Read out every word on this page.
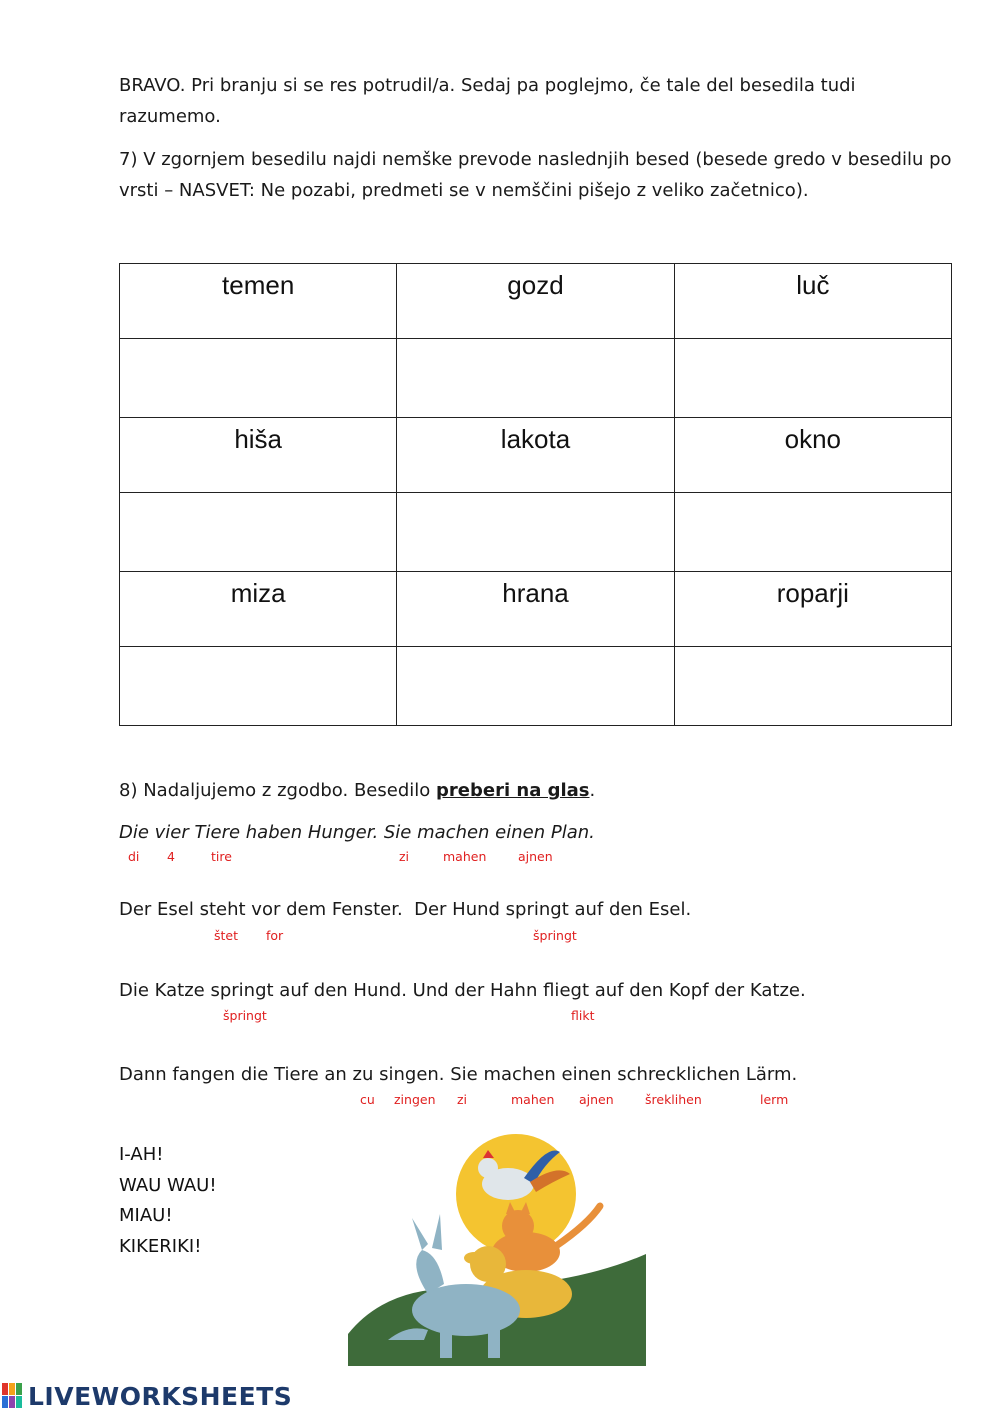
BRAVO. Pri branju si se res potrudil/a. Sedaj pa poglejmo, če tale del besedila tudi razumemo.
7) V zgornjem besedilu najdi nemške prevode naslednjih besed (besede gredo v besedilu po vrsti – NASVET: Ne pozabi, predmeti se v nemščini pišejo z veliko začetnico).
temen	gozd	luč

hiša	lakota	okno

miza	hrana	roparji

8) Nadaljujemo z zgodbo. Besedilo preberi na glas.
Die vier Tiere haben Hunger. Sie machen einen Plan.
di 4	tire	zi	mahen	ajnen
Der Esel steht vor dem Fenster.  Der Hund springt auf den Esel.
štet for	špringt
Die Katze springt auf den Hund. Und der Hahn fliegt auf den Kopf der Katze.
špringt	flikt
Dann fangen die Tiere an zu singen. Sie machen einen schrecklichen Lärm.
cu zingen zi	mahen ajnen	šreklihen	lerm
I-AH!
WAU WAU!
MIAU!
KIKERIKI!
LIVEWORKSHEETS
